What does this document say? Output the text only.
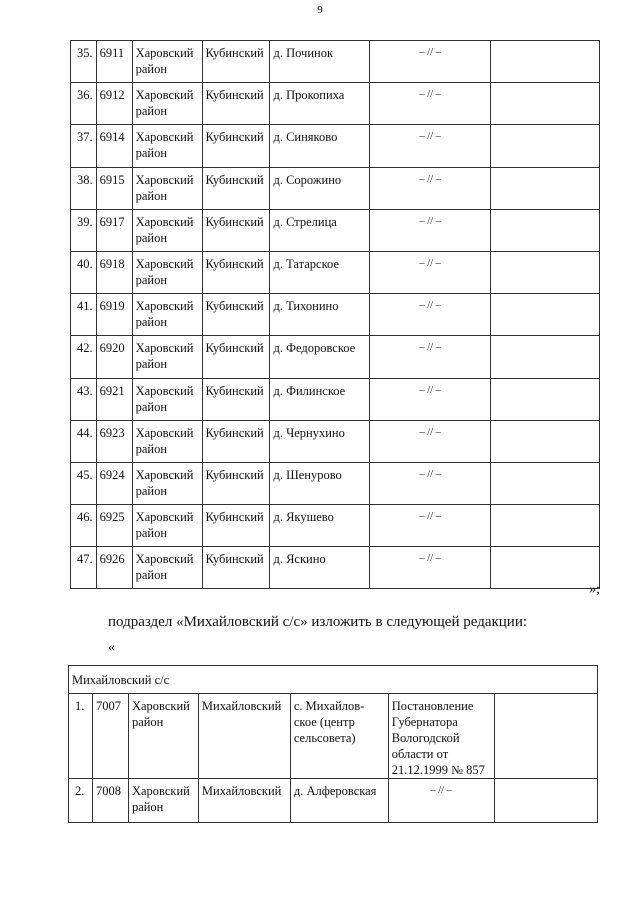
9
35.	6911	Харовский район	Кубинский	д. Починок	– // –	
36.	6912	Харовский район	Кубинский	д. Прокопиха	– // –	
37.	6914	Харовский район	Кубинский	д. Синяково	– // –	
38.	6915	Харовский район	Кубинский	д. Сорожино	– // –	
39.	6917	Харовский район	Кубинский	д. Стрелица	– // –	
40.	6918	Харовский район	Кубинский	д. Татарское	– // –	
41.	6919	Харовский район	Кубинский	д. Тихонино	– // –	
42.	6920	Харовский район	Кубинский	д. Федоровское	– // –	
43.	6921	Харовский район	Кубинский	д. Филинское	– // –	
44.	6923	Харовский район	Кубинский	д. Чернухино	– // –	
45.	6924	Харовский район	Кубинский	д. Шенурово	– // –	
46.	6925	Харовский район	Кубинский	д. Якушево	– // –	
47.	6926	Харовский район	Кубинский	д. Яскино	– // –	
»;
подраздел «Михайловский с/с» изложить в следующей редакции:
«
Михайловский с/с						
1.	7007	Харовский район	Михайловский	с. Михайлов-ское (центр сельсовета)	Постановление Губернатора Вологодской области от 21.12.1999 № 857	
2.	7008	Харовский район	Михайловский	д. Алферовская	– // –	
